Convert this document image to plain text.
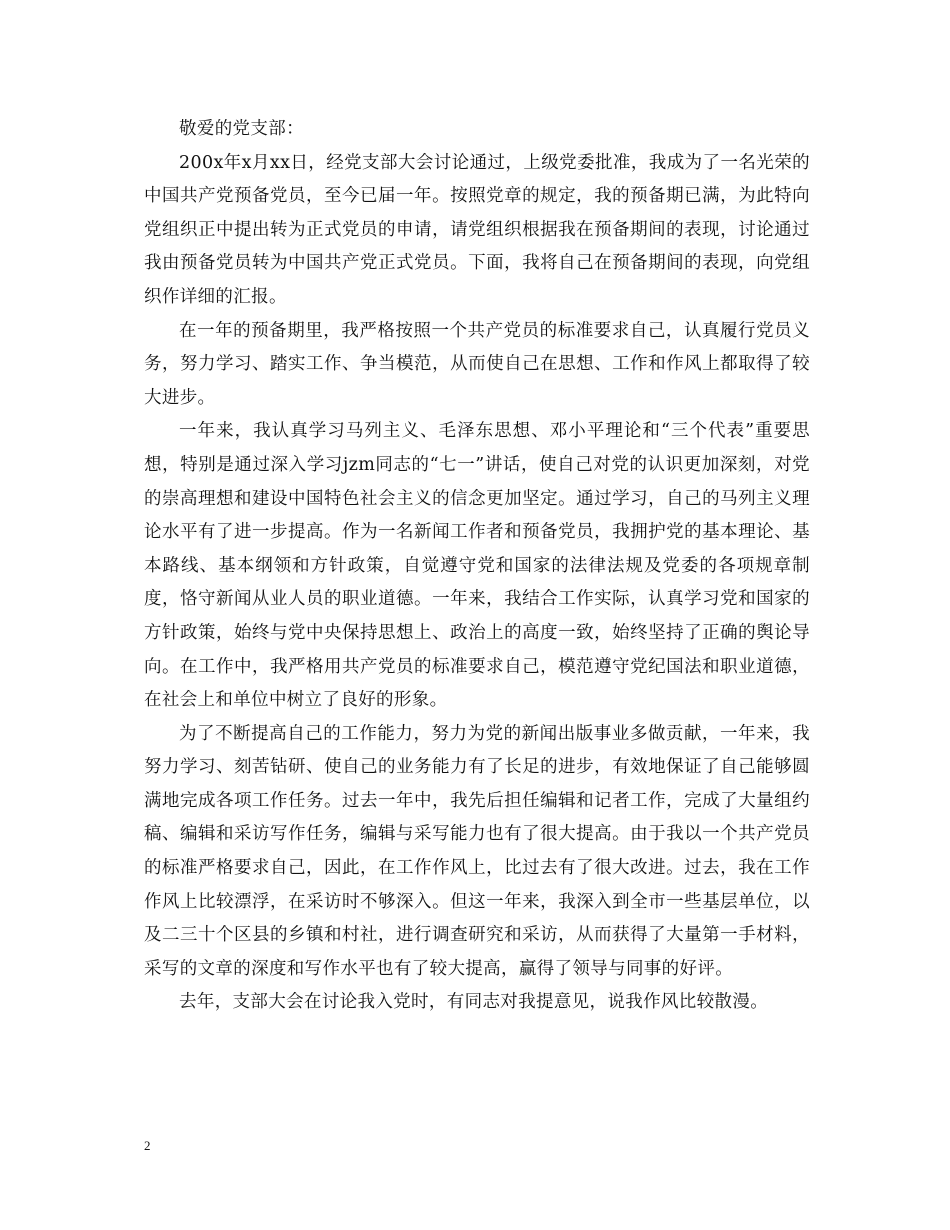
敬爱的党支部：

200x年x月xx日，经党支部大会讨论通过，上级党委批准，我成为了一名光荣的中国共产党预备党员，至今已届一年。按照党章的规定，我的预备期已满，为此特向党组织正中提出转为正式党员的申请，请党组织根据我在预备期间的表现，讨论通过我由预备党员转为中国共产党正式党员。下面，我将自己在预备期间的表现，向党组织作详细的汇报。

在一年的预备期里，我严格按照一个共产党员的标准要求自己，认真履行党员义务，努力学习、踏实工作、争当模范，从而使自己在思想、工作和作风上都取得了较大进步。

一年来，我认真学习马列主义、毛泽东思想、邓小平理论和“三个代表”重要思想，特别是通过深入学习jzm同志的“七一”讲话，使自己对党的认识更加深刻，对党的崇高理想和建设中国特色社会主义的信念更加坚定。通过学习，自己的马列主义理论水平有了进一步提高。作为一名新闻工作者和预备党员，我拥护党的基本理论、基本路线、基本纲领和方针政策，自觉遵守党和国家的法律法规及党委的各项规章制度，恪守新闻从业人员的职业道德。一年来，我结合工作实际，认真学习党和国家的方针政策，始终与党中央保持思想上、政治上的高度一致，始终坚持了正确的舆论导向。在工作中，我严格用共产党员的标准要求自己，模范遵守党纪国法和职业道德，在社会上和单位中树立了良好的形象。

为了不断提高自己的工作能力，努力为党的新闻出版事业多做贡献，一年来，我努力学习、刻苦钻研、使自己的业务能力有了长足的进步，有效地保证了自己能够圆满地完成各项工作任务。过去一年中，我先后担任编辑和记者工作，完成了大量组约稿、编辑和采访写作任务，编辑与采写能力也有了很大提高。由于我以一个共产党员的标准严格要求自己，因此，在工作作风上，比过去有了很大改进。过去，我在工作作风上比较漂浮，在采访时不够深入。但这一年来，我深入到全市一些基层单位，以及二三十个区县的乡镇和村社，进行调查研究和采访，从而获得了大量第一手材料，采写的文章的深度和写作水平也有了较大提高，赢得了领导与同事的好评。

去年，支部大会在讨论我入党时，有同志对我提意见，说我作风比较散漫。

2
